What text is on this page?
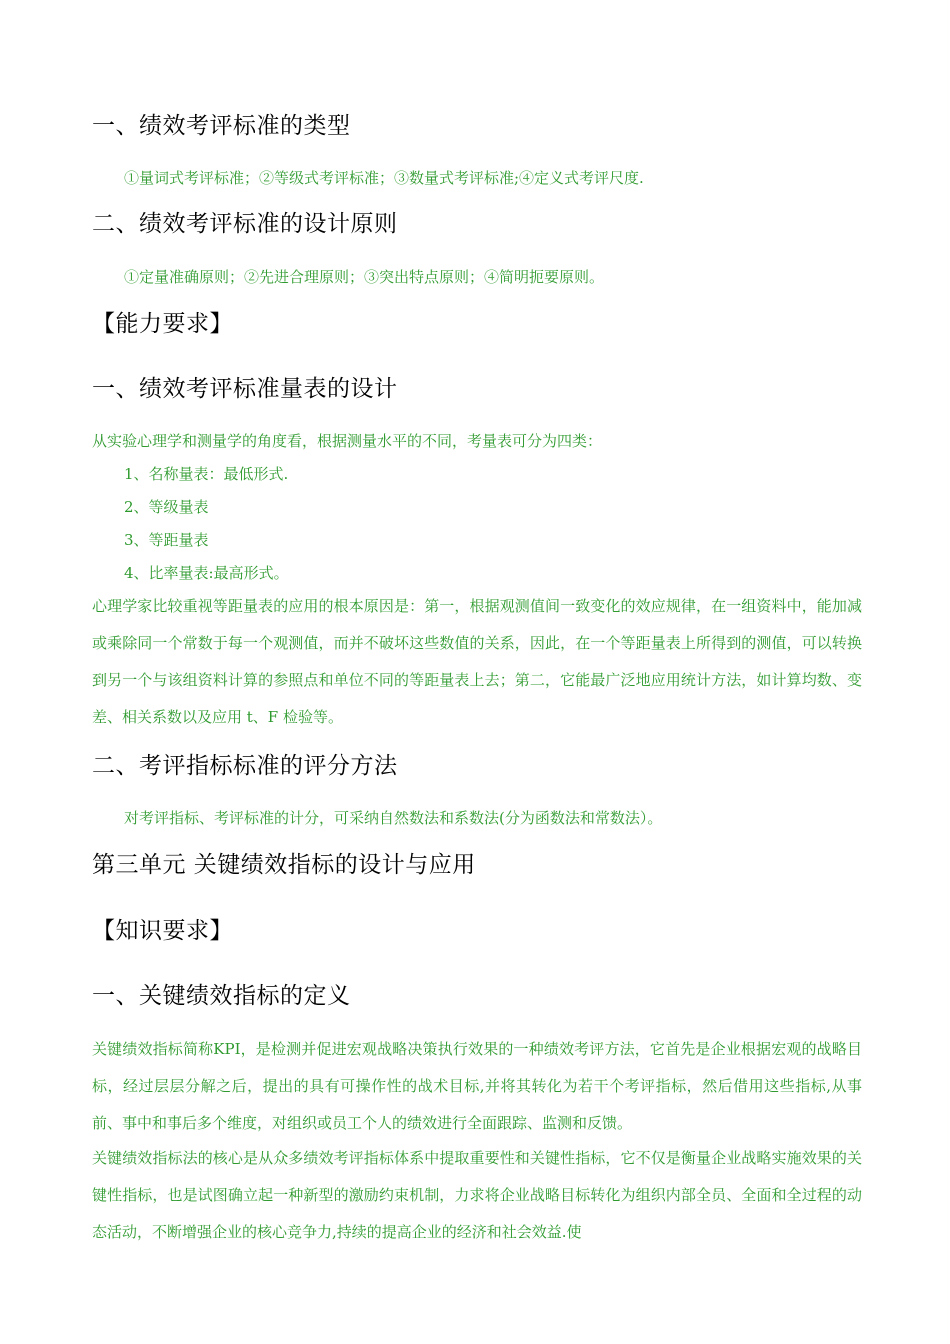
一、绩效考评标准的类型
①量词式考评标准；②等级式考评标准；③数量式考评标准;④定义式考评尺度.
二、绩效考评标准的设计原则
①定量准确原则；②先进合理原则；③突出特点原则；④简明扼要原则。
【能力要求】
一、绩效考评标准量表的设计
从实验心理学和测量学的角度看，根据测量水平的不同，考量表可分为四类：
1、名称量表：最低形式.
2、等级量表
3、等距量表
4、比率量表:最高形式。
心理学家比较重视等距量表的应用的根本原因是：第一，根据观测值间一致变化的效应规律，在一组资料中，能加减或乘除同一个常数于每一个观测值，而并不破坏这些数值的关系，因此，在一个等距量表上所得到的测值，可以转换到另一个与该组资料计算的参照点和单位不同的等距量表上去；第二，它能最广泛地应用统计方法，如计算均数、变差、相关系数以及应用 t、F 检验等。
二、考评指标标准的评分方法
对考评指标、考评标准的计分，可采纳自然数法和系数法(分为函数法和常数法）。
第三单元 关键绩效指标的设计与应用
【知识要求】
一、关键绩效指标的定义
关键绩效指标简称KPI，是检测并促进宏观战略决策执行效果的一种绩效考评方法，它首先是企业根据宏观的战略目标，经过层层分解之后，提出的具有可操作性的战术目标,并将其转化为若干个考评指标，然后借用这些指标,从事前、事中和事后多个维度，对组织或员工个人的绩效进行全面跟踪、监测和反馈。
关键绩效指标法的核心是从众多绩效考评指标体系中提取重要性和关键性指标，它不仅是衡量企业战略实施效果的关键性指标，也是试图确立起一种新型的激励约束机制，力求将企业战略目标转化为组织内部全员、全面和全过程的动态活动，不断增强企业的核心竞争力,持续的提高企业的经济和社会效益.使
